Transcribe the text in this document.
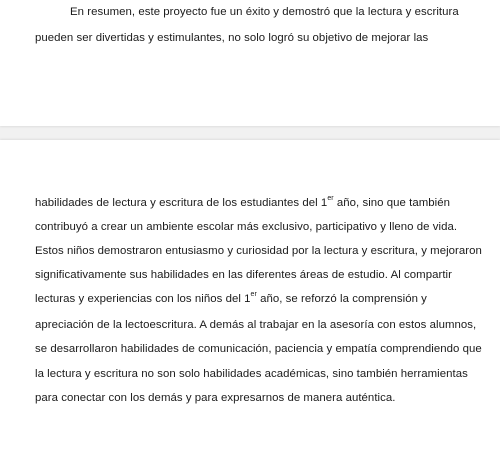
En resumen, este proyecto fue un éxito y demostró que la lectura y escritura
pueden ser divertidas y estimulantes, no solo logró su objetivo de mejorar las
habilidades de lectura y escritura de los estudiantes del 1er año, sino que también
contribuyó a crear un ambiente escolar más exclusivo, participativo y lleno de vida.
Estos niños demostraron entusiasmo y curiosidad por la lectura y escritura, y mejoraron
significativamente sus habilidades en las diferentes áreas de estudio. Al compartir
lecturas y experiencias con los niños del 1er año, se reforzó la comprensión y
apreciación de la lectoescritura. A demás al trabajar en la asesoría con estos alumnos,
se desarrollaron habilidades de comunicación, paciencia y empatía comprendiendo que
la lectura y escritura no son solo habilidades académicas, sino también herramientas
para conectar con los demás y para expresarnos de manera auténtica.
